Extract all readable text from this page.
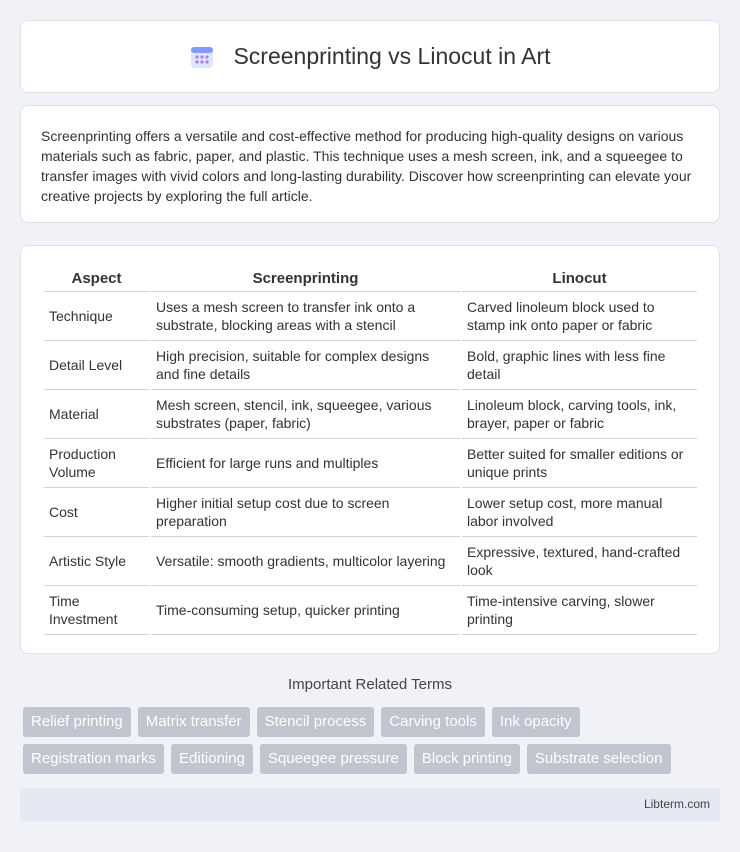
Screenprinting vs Linocut in Art

Screenprinting offers a versatile and cost-effective method for producing high-quality designs on various materials such as fabric, paper, and plastic. This technique uses a mesh screen, ink, and a squeegee to transfer images with vivid colors and long-lasting durability. Discover how screenprinting can elevate your creative projects by exploring the full article.

Aspect	Screenprinting	Linocut
Technique	Uses a mesh screen to transfer ink onto a substrate, blocking areas with a stencil	Carved linoleum block used to stamp ink onto paper or fabric
Detail Level	High precision, suitable for complex designs and fine details	Bold, graphic lines with less fine detail
Material	Mesh screen, stencil, ink, squeegee, various substrates (paper, fabric)	Linoleum block, carving tools, ink, brayer, paper or fabric
Production Volume	Efficient for large runs and multiples	Better suited for smaller editions or unique prints
Cost	Higher initial setup cost due to screen preparation	Lower setup cost, more manual labor involved
Artistic Style	Versatile: smooth gradients, multicolor layering	Expressive, textured, hand-crafted look
Time Investment	Time-consuming setup, quicker printing	Time-intensive carving, slower printing
Important Related Terms
Relief printing	Matrix transfer	Stencil process	Carving tools	Ink opacity
Registration marks	Editioning	Squeegee pressure	Block printing	Substrate selection
Libterm.com
